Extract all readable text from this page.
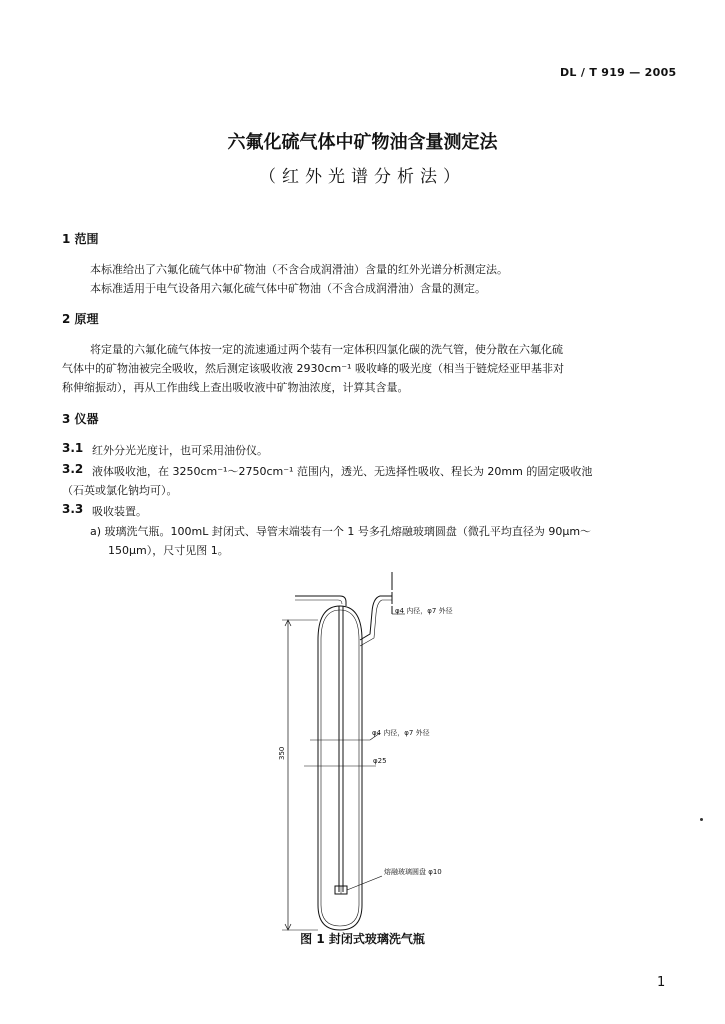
DL / T 919 — 2005
六氟化硫气体中矿物油含量测定法
（红外光谱分析法）
1 范围
本标准给出了六氟化硫气体中矿物油（不含合成润滑油）含量的红外光谱分析测定法。
本标准适用于电气设备用六氟化硫气体中矿物油（不含合成润滑油）含量的测定。
2 原理
将定量的六氟化硫气体按一定的流速通过两个装有一定体积四氯化碳的洗气管，使分散在六氟化硫
气体中的矿物油被完全吸收，然后测定该吸收液 2930cm⁻¹ 吸收峰的吸光度（相当于链烷烃亚甲基非对
称伸缩振动），再从工作曲线上查出吸收液中矿物油浓度，计算其含量。
3 仪器
3.1 红外分光光度计，也可采用油份仪。
3.2 液体吸收池，在 3250cm⁻¹～2750cm⁻¹ 范围内，透光、无选择性吸收、程长为 20mm 的固定吸收池
（石英或氯化钠均可）。
3.3 吸收装置。
a) 玻璃洗气瓶。100mL 封闭式、导管末端装有一个 1 号多孔熔融玻璃圆盘（微孔平均直径为 90μm～
150μm），尺寸见图 1。
φ4 内径，φ7 外径
φ4 内径，φ7 外径
φ25
350
熔融玻璃圆盘 φ10
图 1 封闭式玻璃洗气瓶
1
